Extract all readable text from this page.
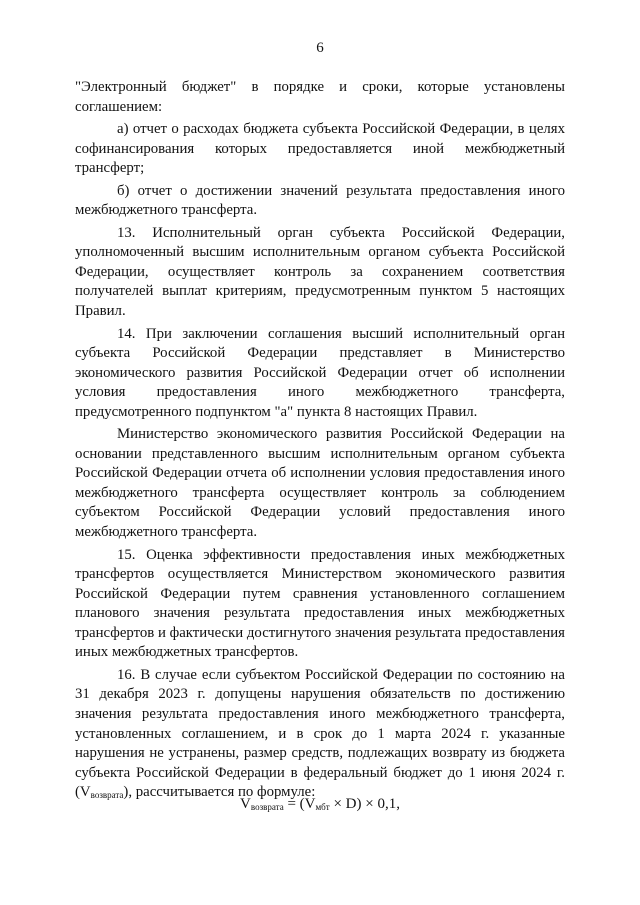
6

"Электронный бюджет" в порядке и сроки, которые установлены соглашением:

а) отчет о расходах бюджета субъекта Российской Федерации, в целях софинансирования которых предоставляется иной межбюджетный трансферт;

б) отчет о достижении значений результата предоставления иного межбюджетного трансферта.

13. Исполнительный орган субъекта Российской Федерации, уполномоченный высшим исполнительным органом субъекта Российской Федерации, осуществляет контроль за сохранением соответствия получателей выплат критериям, предусмотренным пунктом 5 настоящих Правил.

14. При заключении соглашения высший исполнительный орган субъекта Российской Федерации представляет в Министерство экономического развития Российской Федерации отчет об исполнении условия предоставления иного межбюджетного трансферта, предусмотренного подпунктом "а" пункта 8 настоящих Правил.

Министерство экономического развития Российской Федерации на основании представленного высшим исполнительным органом субъекта Российской Федерации отчета об исполнении условия предоставления иного межбюджетного трансферта осуществляет контроль за соблюдением субъектом Российской Федерации условий предоставления иного межбюджетного трансферта.

15. Оценка эффективности предоставления иных межбюджетных трансфертов осуществляется Министерством экономического развития Российской Федерации путем сравнения установленного соглашением планового значения результата предоставления иных межбюджетных трансфертов и фактически достигнутого значения результата предоставления иных межбюджетных трансфертов.

16. В случае если субъектом Российской Федерации по состоянию на 31 декабря 2023 г. допущены нарушения обязательств по достижению значения результата предоставления иного межбюджетного трансферта, установленных соглашением, и в срок до 1 марта 2024 г. указанные нарушения не устранены, размер средств, подлежащих возврату из бюджета субъекта Российской Федерации в федеральный бюджет до 1 июня 2024 г. $(V_{возврата})$, рассчитывается по формуле:

$V_{возврата} = (V_{мбт} \times D) \times 0,1$,
